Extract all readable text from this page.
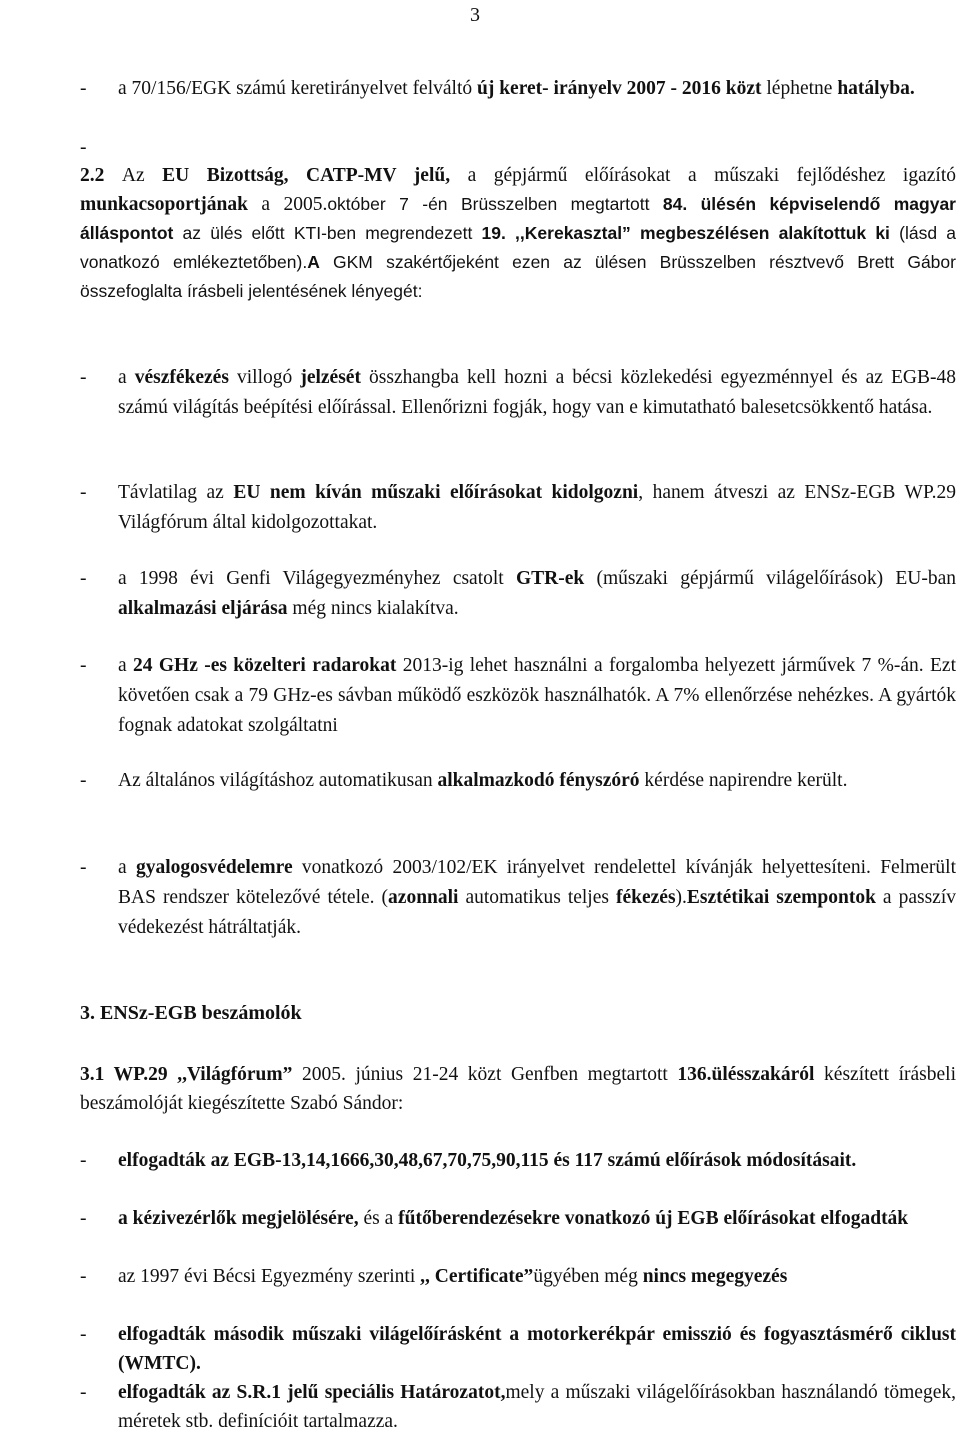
3
- a 70/156/EGK számú keretirányelvet felváltó új keret- irányelv 2007 - 2016 közt léphetne hatályba.
-
2.2 Az EU Bizottság, CATP-MV jelű, a gépjármű előírásokat a műszaki fejlődéshez igazító munkacsoportjának a 2005.október 7 -én Brüsszelben megtartott 84. ülésén képviselendő magyar álláspontot az ülés előtt KTI-ben megrendezett 19. ,,Kerekasztal” megbeszélésen alakítottuk ki (lásd a vonatkozó emlékeztetőben).A GKM szakértőjeként ezen az ülésen Brüsszelben résztvevő Brett Gábor összefoglalta írásbeli jelentésének lényegét:
- a vészfékezés villogó jelzését összhangba kell hozni a bécsi közlekedési egyezménnyel és az EGB-48 számú világítás beépítési előírással. Ellenőrizni fogják, hogy van e kimutatható balesetcsökkentő hatása.
- Távlatilag az EU nem kíván műszaki előírásokat kidolgozni, hanem átveszi az ENSz-EGB WP.29 Világfórum által kidolgozottakat.
- a 1998 évi Genfi Világegyezményhez csatolt GTR-ek (műszaki gépjármű világelőírások) EU-ban alkalmazási eljárása még nincs kialakítva.
- a 24 GHz -es közelteri radarokat 2013-ig lehet használni a forgalomba helyezett járművek 7 %-án. Ezt követően csak a 79 GHz-es sávban működő eszközök használhatók. A 7% ellenőrzése nehézkes. A gyártók fognak adatokat szolgáltatni
- Az általános világításhoz automatikusan alkalmazkodó fényszóró kérdése napirendre került.
- a gyalogosvédelemre vonatkozó 2003/102/EK irányelvet rendelettel kívánják helyettesíteni. Felmerült BAS rendszer kötelezővé tétele. (azonnali automatikus teljes fékezés).Esztétikai szempontok a passzív védekezést hátráltatják.
3. ENSz-EGB beszámolók
3.1 WP.29 ,,Világfórum” 2005. június 21-24 közt Genfben megtartott 136.ülésszakáról készített írásbeli beszámolóját kiegészítette Szabó Sándor:
- elfogadták az EGB-13,14,1666,30,48,67,70,75,90,115 és 117 számú előírások módosításait.
- a kézivezérlők megjelölésére, és a fűtőberendezésekre vonatkozó új EGB előírásokat elfogadták
- az 1997 évi Bécsi Egyezmény szerinti ,, Certificate”ügyében még nincs megegyezés
- elfogadták második műszaki világelőírásként a motorkerékpár emisszió és fogyasztásmérő ciklust (WMTC).
- elfogadták az S.R.1 jelű speciális Határozatot,mely a műszaki világelőírásokban használandó tömegek, méretek stb. definícióit tartalmazza.
